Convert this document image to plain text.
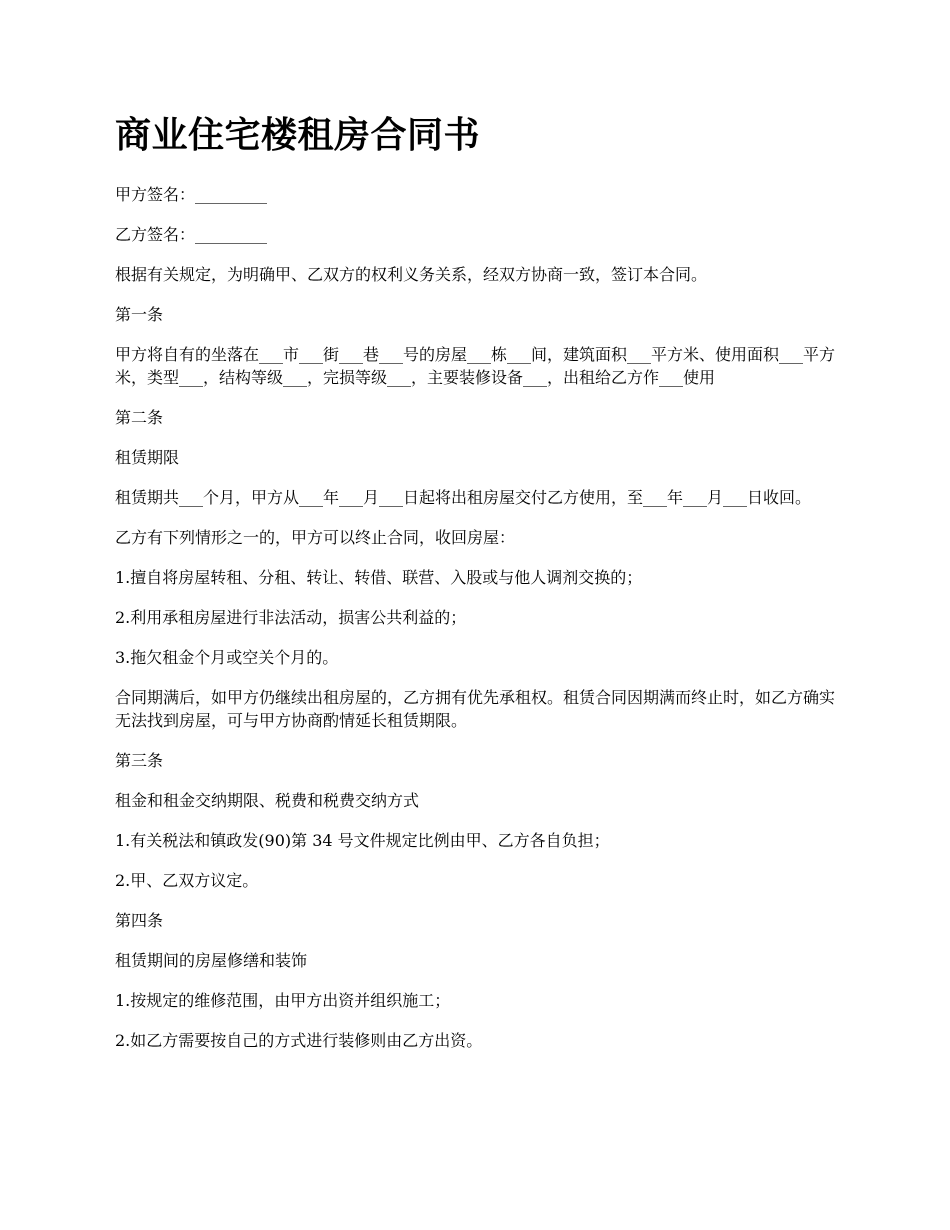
商业住宅楼租房合同书

甲方签名：_________

乙方签名：_________

根据有关规定，为明确甲、乙双方的权利义务关系，经双方协商一致，签订本合同。

第一条

甲方将自有的坐落在___市___街___巷___号的房屋___栋___间，建筑面积___平方米、使用面积___平方米，类型___，结构等级___，完损等级___，主要装修设备___，出租给乙方作___使用

第二条

租赁期限

租赁期共___个月，甲方从___年___月___日起将出租房屋交付乙方使用，至___年___月___日收回。

乙方有下列情形之一的，甲方可以终止合同，收回房屋：

1.擅自将房屋转租、分租、转让、转借、联营、入股或与他人调剂交换的；

2.利用承租房屋进行非法活动，损害公共利益的；

3.拖欠租金个月或空关个月的。

合同期满后，如甲方仍继续出租房屋的，乙方拥有优先承租权。租赁合同因期满而终止时，如乙方确实无法找到房屋，可与甲方协商酌情延长租赁期限。

第三条

租金和租金交纳期限、税费和税费交纳方式

1.有关税法和镇政发(90)第 34 号文件规定比例由甲、乙方各自负担；

2.甲、乙双方议定。

第四条

租赁期间的房屋修缮和装饰

1.按规定的维修范围，由甲方出资并组织施工；

2.如乙方需要按自己的方式进行装修则由乙方出资。
